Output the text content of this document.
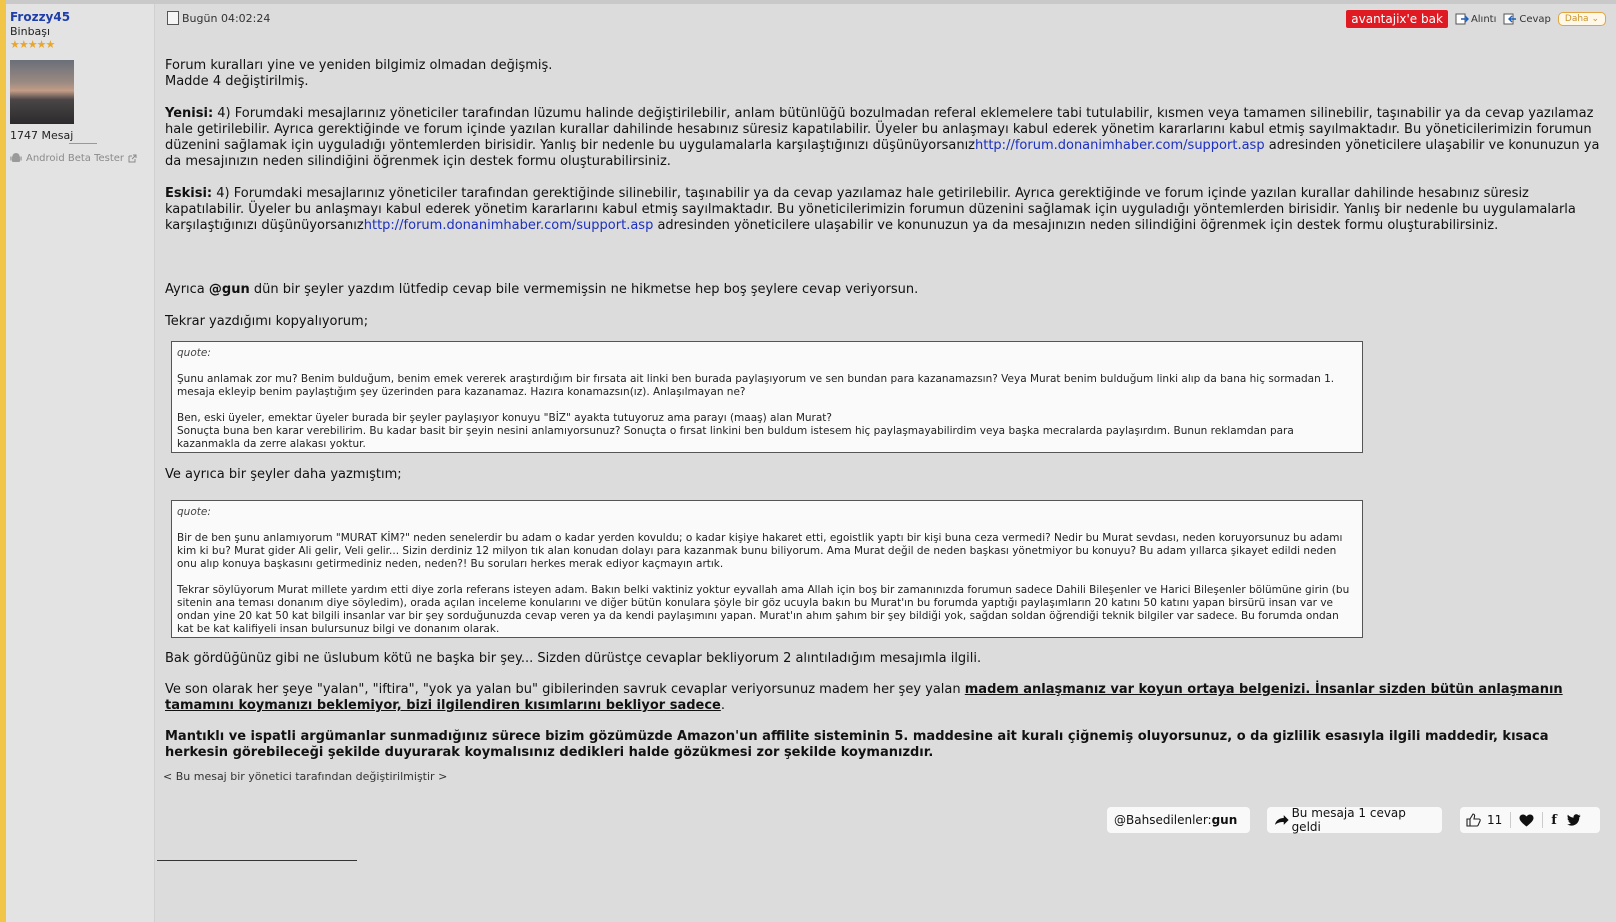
Frozzy45
Binbaşı
★★★★★
1747 Mesaj
Android Beta Tester
Bugün 04:02:24	avantajix'e bak	Alıntı Cevap	Daha ⌄

Forum kuralları yine ve yeniden bilgimiz olmadan değişmiş.

Madde 4 değiştirilmiş.

Yenisi: 4) Forumdaki mesajlarınız yöneticiler tarafından lüzumu halinde değiştirilebilir, anlam bütünlüğü bozulmadan referal eklemelere tabi tutulabilir, kısmen veya tamamen silinebilir, taşınabilir ya da cevap yazılamaz hale getirilebilir. Ayrıca gerektiğinde ve forum içinde yazılan kurallar dahilinde hesabınız süresiz kapatılabilir. Üyeler bu anlaşmayı kabul ederek yönetim kararlarını kabul etmiş sayılmaktadır. Bu yöneticilerimizin forumun düzenini sağlamak için uyguladığı yöntemlerden birisidir. Yanlış bir nedenle bu uygulamalarla karşılaştığınızı düşünüyorsanızhttp://forum.donanimhaber.com/support.asp adresinden yöneticilere ulaşabilir ve konunuzun ya da mesajınızın neden silindiğini öğrenmek için destek formu oluşturabilirsiniz.

Eskisi: 4) Forumdaki mesajlarınız yöneticiler tarafından gerektiğinde silinebilir, taşınabilir ya da cevap yazılamaz hale getirilebilir. Ayrıca gerektiğinde ve forum içinde yazılan kurallar dahilinde hesabınız süresiz kapatılabilir. Üyeler bu anlaşmayı kabul ederek yönetim kararlarını kabul etmiş sayılmaktadır. Bu yöneticilerimizin forumun düzenini sağlamak için uyguladığı yöntemlerden birisidir. Yanlış bir nedenle bu uygulamalarla karşılaştığınızı düşünüyorsanızhttp://forum.donanimhaber.com/support.asp adresinden yöneticilere ulaşabilir ve konunuzun ya da mesajınızın neden silindiğini öğrenmek için destek formu oluşturabilirsiniz.

Ayrıca @gun dün bir şeyler yazdım lütfedip cevap bile vermemişsin ne hikmetse hep boş şeylere cevap veriyorsun.

Tekrar yazdığımı kopyalıyorum;

quote:

Şunu anlamak zor mu? Benim bulduğum, benim emek vererek araştırdığım bir fırsata ait linki ben burada paylaşıyorum ve sen bundan para kazanamazsın? Veya Murat benim bulduğum linki alıp da bana hiç sormadan 1. mesaja ekleyip benim paylaştığım şey üzerinden para kazanamaz. Hazıra konamazsın(ız). Anlaşılmayan ne?

Ben, eski üyeler, emektar üyeler burada bir şeyler paylaşıyor konuyu "BİZ" ayakta tutuyoruz ama parayı (maaş) alan Murat?

Sonuçta buna ben karar verebilirim. Bu kadar basit bir şeyin nesini anlamıyorsunuz? Sonuçta o fırsat linkini ben buldum istesem hiç paylaşmayabilirdim veya başka mecralarda paylaşırdım. Bunun reklamdan para kazanmakla da zerre alakası yoktur.

Ve ayrıca bir şeyler daha yazmıştım;
quote:

Bir de ben şunu anlamıyorum "MURAT KİM?" neden senelerdir bu adam o kadar yerden kovuldu; o kadar kişiye hakaret etti, egoistlik yaptı bir kişi buna ceza vermedi? Nedir bu Murat sevdası, neden koruyorsunuz bu adamı kim ki bu? Murat gider Ali gelir, Veli gelir... Sizin derdiniz 12 milyon tık alan konudan dolayı para kazanmak bunu biliyorum. Ama Murat değil de neden başkası yönetmiyor bu konuyu? Bu adam yıllarca şikayet edildi neden onu alıp konuya başkasını getirmediniz neden, neden?! Bu soruları herkes merak ediyor kaçmayın artık.

Tekrar söylüyorum Murat millete yardım etti diye zorla referans isteyen adam. Bakın belki vaktiniz yoktur eyvallah ama Allah için boş bir zamanınızda forumun sadece Dahili Bileşenler ve Harici Bileşenler bölümüne girin (bu sitenin ana teması donanım diye söyledim), orada açılan inceleme konularını ve diğer bütün konulara şöyle bir göz ucuyla bakın bu Murat'ın bu forumda yaptığı paylaşımların 20 katını 50 katını yapan birsürü insan var ve ondan yine 20 kat 50 kat bilgili insanlar var bir şey sorduğunuzda cevap veren ya da kendi paylaşımını yapan. Murat'ın ahım şahım bir şey bildiği yok, sağdan soldan öğrendiği teknik bilgiler var sadece. Bu forumda ondan kat be kat kalifiyeli insan bulursunuz bilgi ve donanım olarak.

Bak gördüğünüz gibi ne üslubum kötü ne başka bir şey... Sizden dürüstçe cevaplar bekliyorum 2 alıntıladığım mesajımla ilgili.
Ve son olarak her şeye "yalan", "iftira", "yok ya yalan bu" gibilerinden savruk cevaplar veriyorsunuz madem her şey yalan madem anlaşmanız var koyun ortaya belgenizi. İnsanlar sizden bütün anlaşmanın tamamını koymanızı beklemiyor, bizi ilgilendiren kısımlarını bekliyor sadece.
Mantıklı ve ispatli argümanlar sunmadığınız sürece bizim gözümüzde Amazon'un affilite sisteminin 5. maddesine ait kuralı çiğnemiş oluyorsunuz, o da gizlilik esasıyla ilgili maddedir, kısaca herkesin görebileceği şekilde duyurarak koymalısınız dedikleri halde gözükmesi zor şekilde koymanızdır.
< Bu mesaj bir yönetici tarafından değiştirilmiştir >
@Bahsedilenler: gun	Bu mesaja 1 cevap geldi	11	f
